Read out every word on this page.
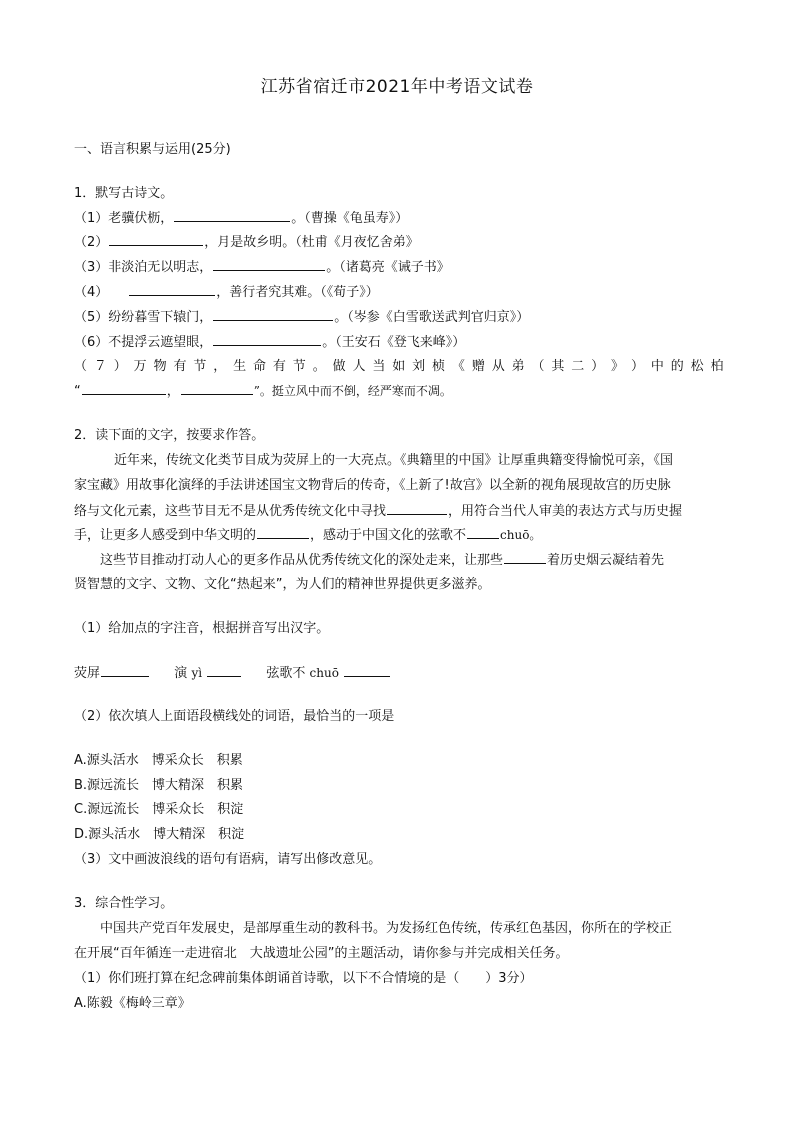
江苏省宿迁市2021年中考语文试卷
一、语言积累与运用(25分)
1．默写古诗文。
（1）老骥伏枥，	。（曹操《龟虽寿》）
（2）	，月是故乡明。（杜甫《月夜忆舍弟》
（3）非淡泊无以明志，	。（诸葛亮《诫子书》
（4）	，善行者究其难。（《荀子》）
（5）纷纷暮雪下辕门，	。（岑参《白雪歌送武判官归京》）
（6）不提浮云遮望眼，	。（王安石《登飞来峰》）
（ ７ ） 万 物 有 节 ， 生 命 有 节 。 做 人 当 如 刘 桢 《 赠 从 弟 （ 其 二 ） 》 ） 中 的 松 柏
“	，	”。挺立风中而不倒，经严寒而不凋。
2．读下面的文字，按要求作答。
近年来，传统文化类节目成为荧屏上的一大亮点。《典籍里的中国》让厚重典籍变得愉悦可亲，《国
家宝藏》用故事化演绎的手法讲述国宝文物背后的传奇，《上新了!故宫》以全新的视角展现故宫的历史脉
络与文化元素，这些节目无不是从优秀传统文化中寻找	，用符合当代人审美的表达方式与历史握
手，让更多人感受到中华文明的	，感动于中国文化的弦歌不	chuō。
这些节目推动打动人心的更多作品从优秀传统文化的深处走来，让那些	着历史烟云凝结着先
贤智慧的文字、文物、文化“热起来”，为人们的精神世界提供更多滋养。
（1）给加点的字注音，根据拼音写出汉字。
荧屏	演 yì	弦歌不 chuō
（2）依次填人上面语段横线处的词语，最恰当的一项是
A.源头活水　博采众长　积累
B.源远流长　博大精深　积累
C.源远流长　博采众长　积淀
D.源头活水　博大精深　积淀
（3）文中画波浪线的语句有语病，请写出修改意见。
3．综合性学习。
中国共产党百年发展史，是部厚重生动的教科书。为发扬红色传统，传承红色基因，你所在的学校正
在开展“百年循连一走进宿北　大战遗址公园”的主题活动，请你参与并完成相关任务。
（1）你们班打算在纪念碑前集体朗诵首诗歌，以下不合情境的是（　　）3分）
A.陈毅《梅岭三章》
